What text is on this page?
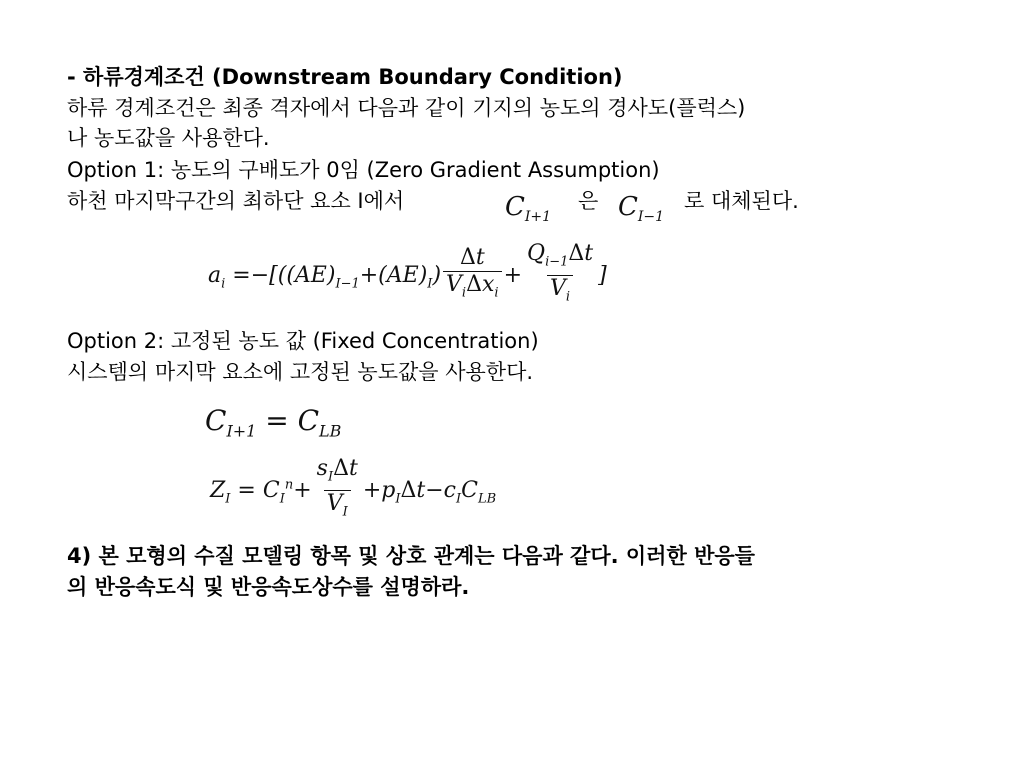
- 하류경계조건 (Downstream Boundary Condition)
하류 경계조건은 최종 격자에서 다음과 같이 기지의 농도의 경사도(플럭스)
나 농도값을 사용한다.
Option 1: 농도의 구배도가 0임 (Zero Gradient Assumption)
하천 마지막구간의 최하단 요소 I에서	$C_{I+1}$
은 $C_{I-1}$
로 대체된다.
$a_i =-[((AE)_{I-1}+(AE)_I) \frac{\Delta t}{V_i\Delta x_i} + \frac{Q_{i-1}\Delta t}{V_i}$ ]
Option 2: 고정된 농도 값 (Fixed Concentration)
시스템의 마지막 요소에 고정된 농도값을 사용한다.
$C_{I+1} = C_{LB}$
$Z_I = C_I^n+ \frac{s_I\Delta t}{V_I} +p_I\Delta t-c_IC_{LB}$
4) 본 모형의 수질 모델링 항목 및 상호 관계는 다음과 같다. 이러한 반응들
의 반응속도식 및 반응속도상수를 설명하라.
